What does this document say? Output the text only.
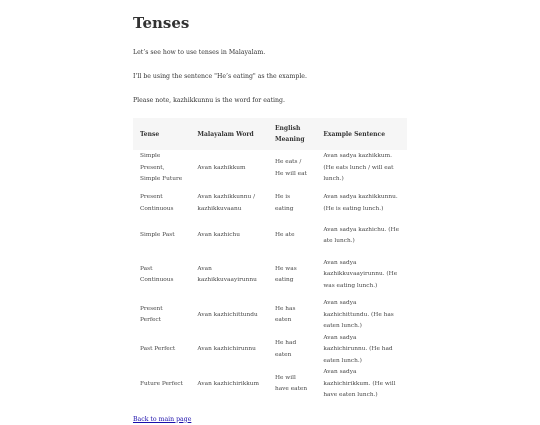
Tenses

Let’s see how to use tenses in Malayalam.

I’ll be using the sentence "He’s eating" as the example.

Please note, kazhikkunnu is the word for eating.

Tense	Malayalam Word	English Meaning	Example Sentence
Simple Present, Simple Future	Avan kazhikkum	He eats / He will eat	Avan sadya kazhikkum. (He eats lunch / will eat lunch.)
Present Continuous	Avan kazhikkunnu / kazhikkuvaanu	He is eating	Avan sadya kazhikkunnu. (He is eating lunch.)
Simple Past	Avan kazhichu	He ate	Avan sadya kazhichu. (He ate lunch.)
Past Continuous	Avan kazhikkuvaayirunnu	He was eating	Avan sadya kazhikkuvaayirunnu. (He was eating lunch.)
Present Perfect	Avan kazhichittundu	He has eaten	Avan sadya kazhichittundu. (He has eaten lunch.)
Past Perfect	Avan kazhichirunnu	He had eaten	Avan sadya kazhichirunnu. (He had eaten lunch.)
Future Perfect	Avan kazhichirikkum	He will have eaten	Avan sadya kazhichirikkum. (He will have eaten lunch.)
Back to main page
